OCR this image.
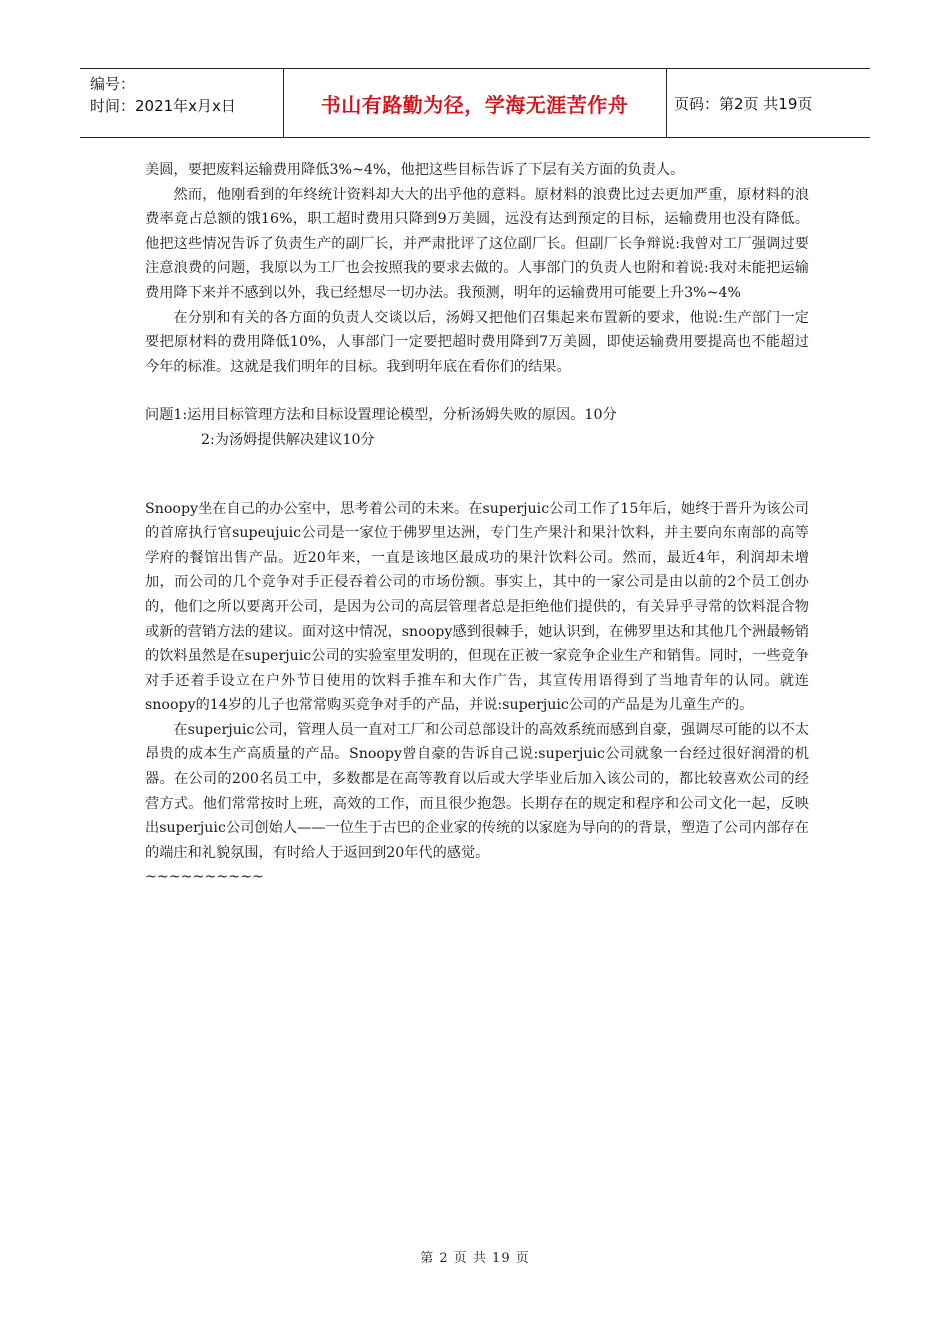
编号：
时间：2021年x月x日	书山有路勤为径，学海无涯苦作舟	页码：第2页 共19页

美圆，要把废料运输费用降低3%~4%，他把这些目标告诉了下层有关方面的负责人。

然而，他刚看到的年终统计资料却大大的出乎他的意料。原材料的浪费比过去更加严重，原材料的浪费率竟占总额的饿16%，职工超时费用只降到9万美圆，远没有达到预定的目标，运输费用也没有降低。他把这些情况告诉了负责生产的副厂长，并严肃批评了这位副厂长。但副厂长争辩说:我曾对工厂强调过要注意浪费的问题，我原以为工厂也会按照我的要求去做的。人事部门的负责人也附和着说:我对未能把运输费用降下来并不感到以外，我已经想尽一切办法。我预测，明年的运输费用可能要上升3%~4%

在分别和有关的各方面的负责人交谈以后，汤姆又把他们召集起来布置新的要求，他说:生产部门一定要把原材料的费用降低10%，人事部门一定要把超时费用降到7万美圆，即使运输费用要提高也不能超过今年的标准。这就是我们明年的目标。我到明年底在看你们的结果。

问题1:运用目标管理方法和目标设置理论模型，分析汤姆失败的原因。10分

2:为汤姆提供解决建议10分

Snoopy坐在自己的办公室中，思考着公司的未来。在superjuic公司工作了15年后，她终于晋升为该公司的首席执行官supeujuic公司是一家位于佛罗里达洲，专门生产果汁和果汁饮料，并主要向东南部的高等学府的餐馆出售产品。近20年来，一直是该地区最成功的果汁饮料公司。然而，最近4年，利润却未增加，而公司的几个竞争对手正侵吞着公司的市场份额。事实上，其中的一家公司是由以前的2个员工创办的，他们之所以要离开公司，是因为公司的高层管理者总是拒绝他们提供的，有关异乎寻常的饮料混合物或新的营销方法的建议。面对这中情况，snoopy感到很棘手，她认识到，在佛罗里达和其他几个洲最畅销的饮料虽然是在superjuic公司的实验室里发明的，但现在正被一家竞争企业生产和销售。同时，一些竞争对手还着手设立在户外节日使用的饮料手推车和大作广告，其宣传用语得到了当地青年的认同。就连snoopy的14岁的儿子也常常购买竞争对手的产品，并说:superjuic公司的产品是为儿童生产的。

在superjuic公司，管理人员一直对工厂和公司总部设计的高效系统而感到自豪，强调尽可能的以不太 昂贵的成本生产高质量的产品。Snoopy曾自豪的告诉自己说:superjuic公司就象一台经过很好润滑的机器。在公司的200名员工中，多数都是在高等教育以后或大学毕业后加入该公司的，都比较喜欢公司的经营方式。他们常常按时上班，高效的工作，而且很少抱怨。长期存在的规定和程序和公司文化一起，反映出superjuic公司创始人——一位生于古巴的企业家的传统的以家庭为导向的的背景，塑造了公司内部存在的端庄和礼貌氛围，有时给人于返回到20年代的感觉。

~~~~~~~~~~

第 2 页 共 19 页
